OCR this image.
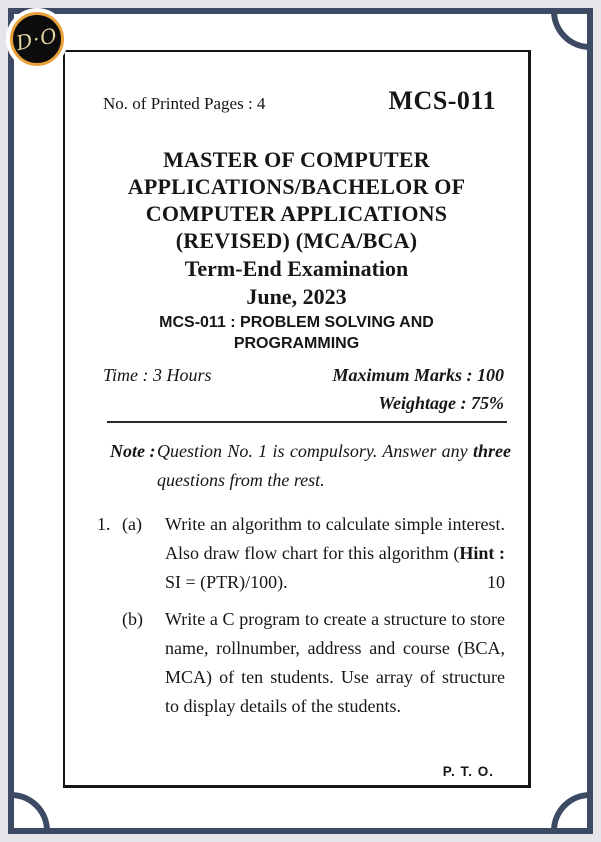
D·O
No. of Printed Pages : 4	MCS-011
MASTER OF COMPUTER
APPLICATIONS/BACHELOR OF
COMPUTER APPLICATIONS
(REVISED) (MCA/BCA)
Term-End Examination
June, 2023
MCS-011 : PROBLEM SOLVING AND PROGRAMMING
Time : 3 Hours	Maximum Marks : 100
Weightage : 75%
Note : Question No. 1 is compulsory. Answer any three questions from the rest.
1. (a)	Write an algorithm to calculate simple interest. Also draw flow chart for this algorithm (Hint : SI = (PTR)/100).	10
(b)	Write a C program to create a structure to store name, rollnumber, address and course (BCA, MCA) of ten students. Use array of structure to display details of the students.
P. T. O.
